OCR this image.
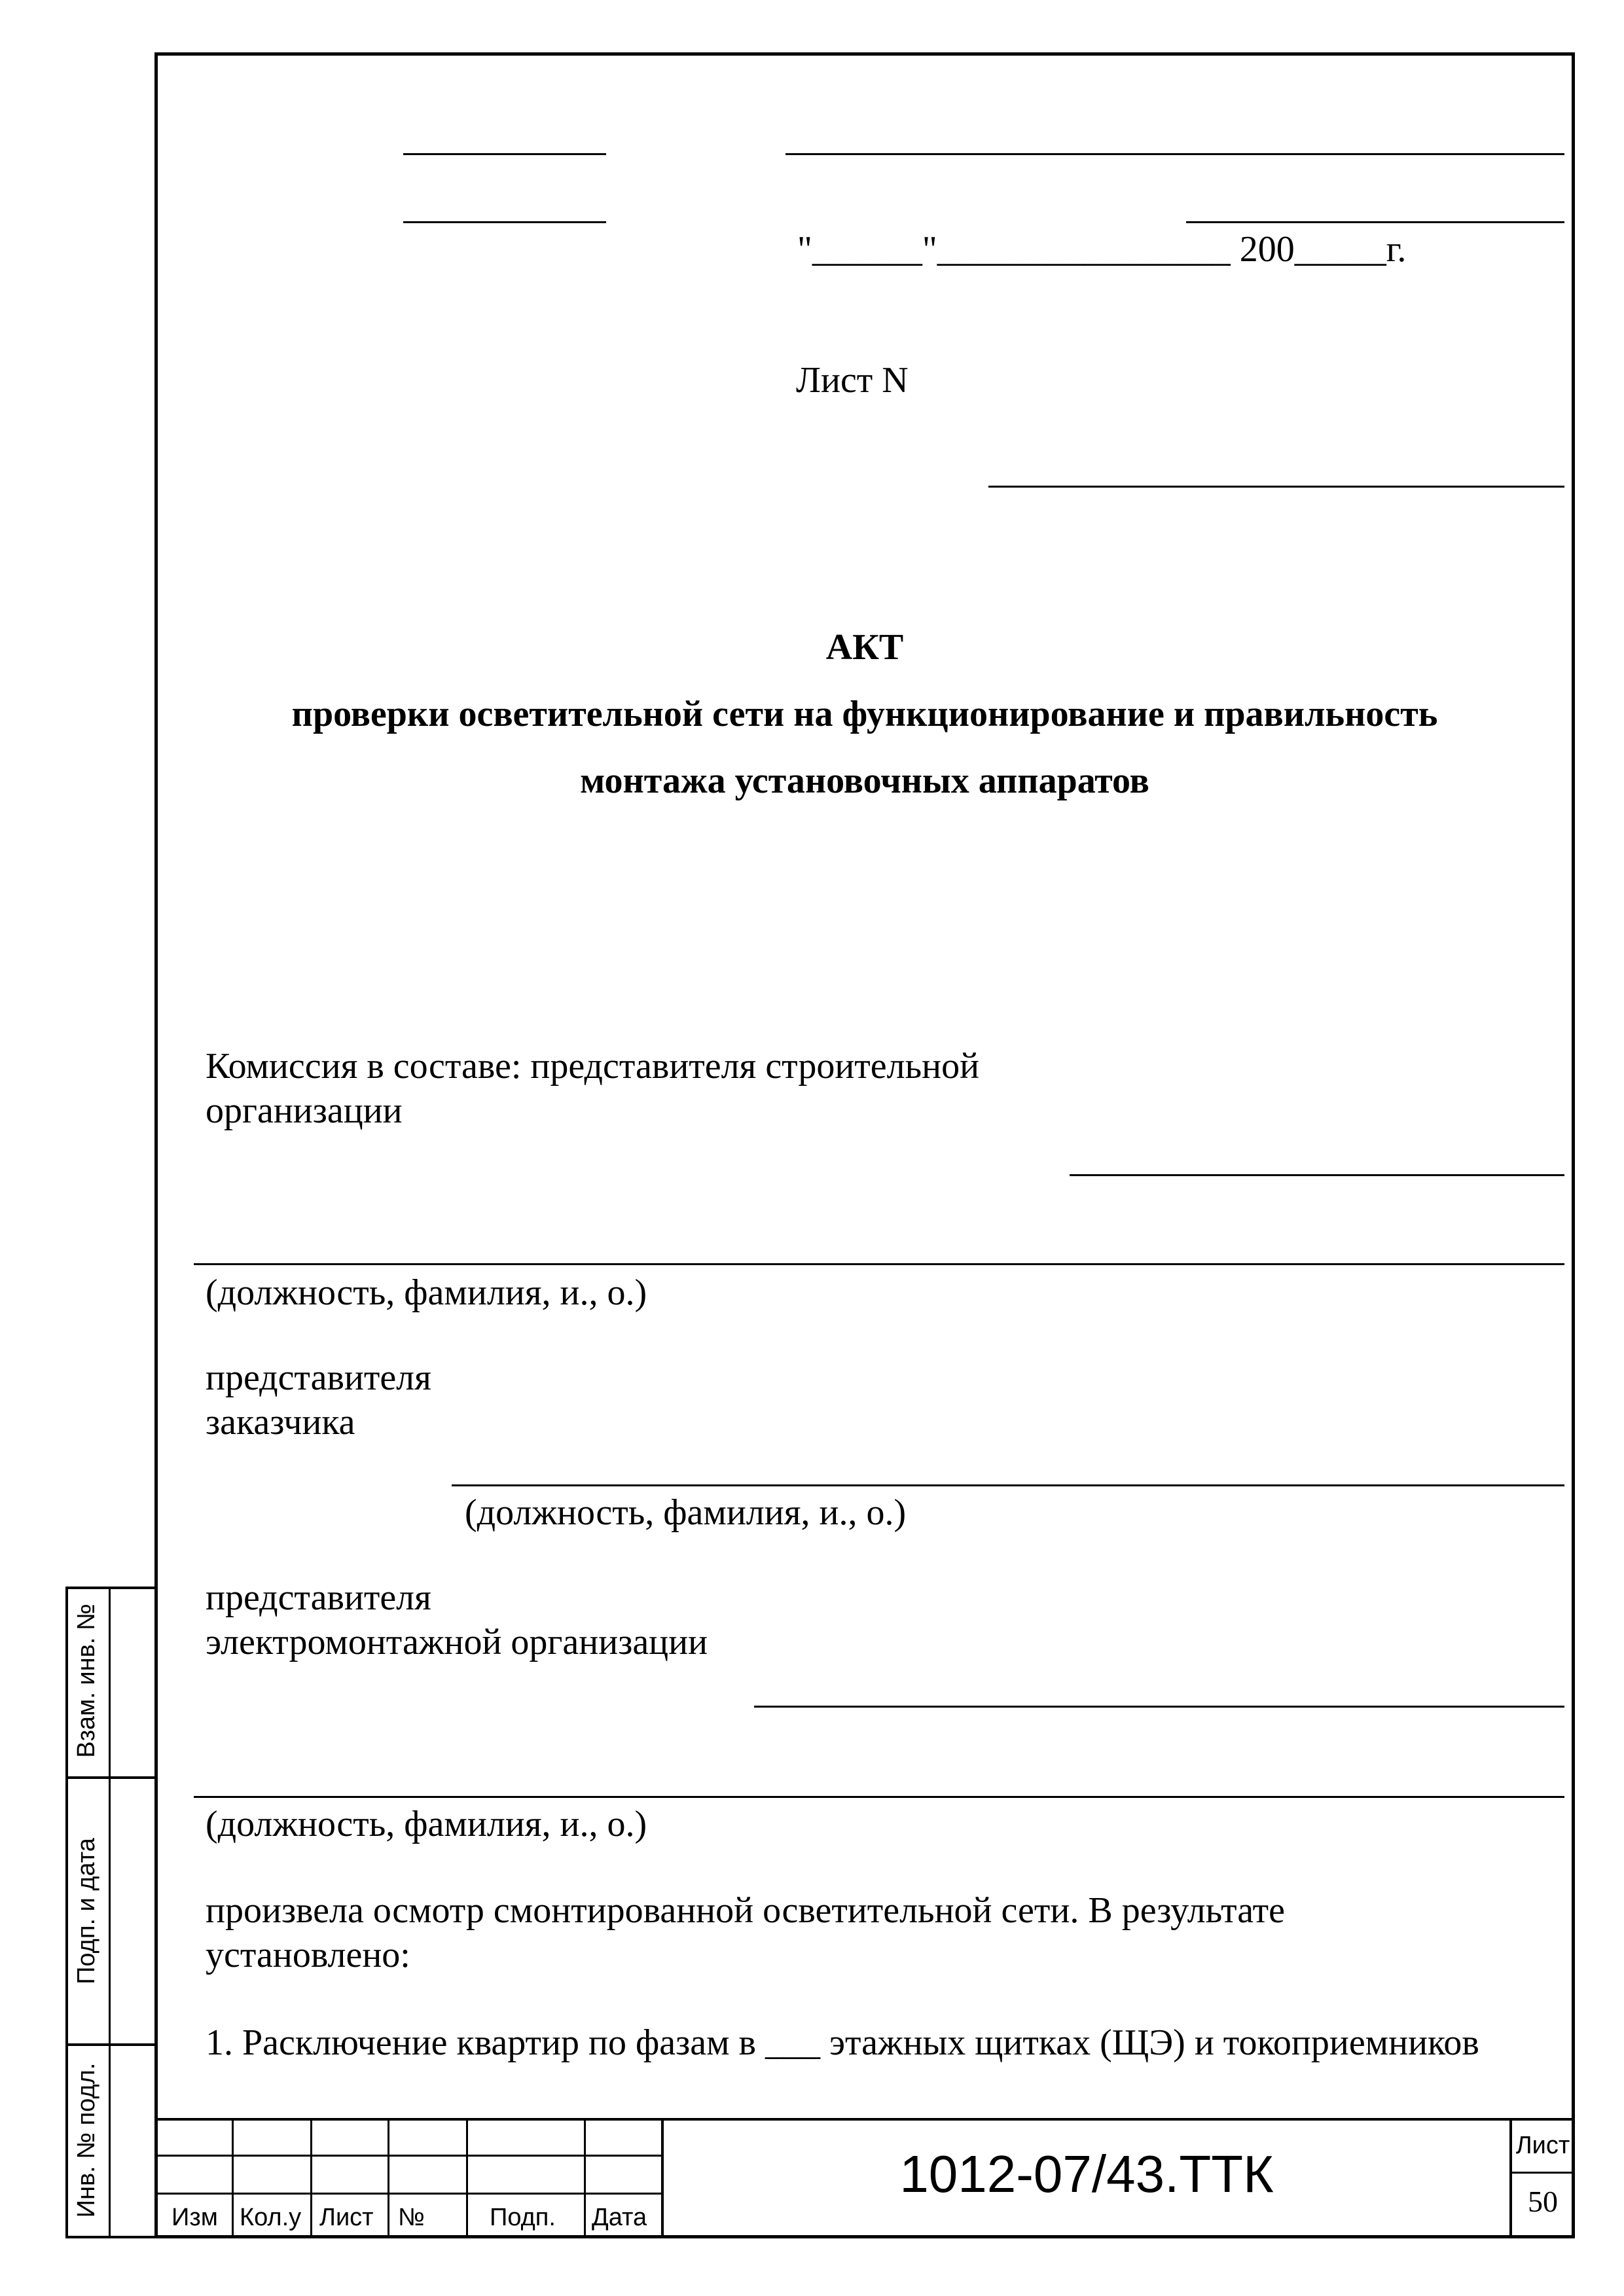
"______"________________ 200_____г.
Лист N
АКТ
проверки осветительной сети на функционирование и правильность
монтажа установочных аппаратов
Комиссия в составе: представителя строительной
организации
(должность, фамилия, и., о.)
представителя
заказчика
(должность, фамилия, и., о.)
представителя
электромонтажной организации
(должность, фамилия, и., о.)
произвела осмотр смонтированной осветительной сети. В результате
установлено:
1. Расключение квартир по фазам в ___ этажных щитках (ЩЭ) и токоприемников
Взам. инв. №
Подп. и дата
Инв. № подл.	Изм Кол.у Лист №	Подп. Дата
1012-07/43.ТТК	Лист
50
